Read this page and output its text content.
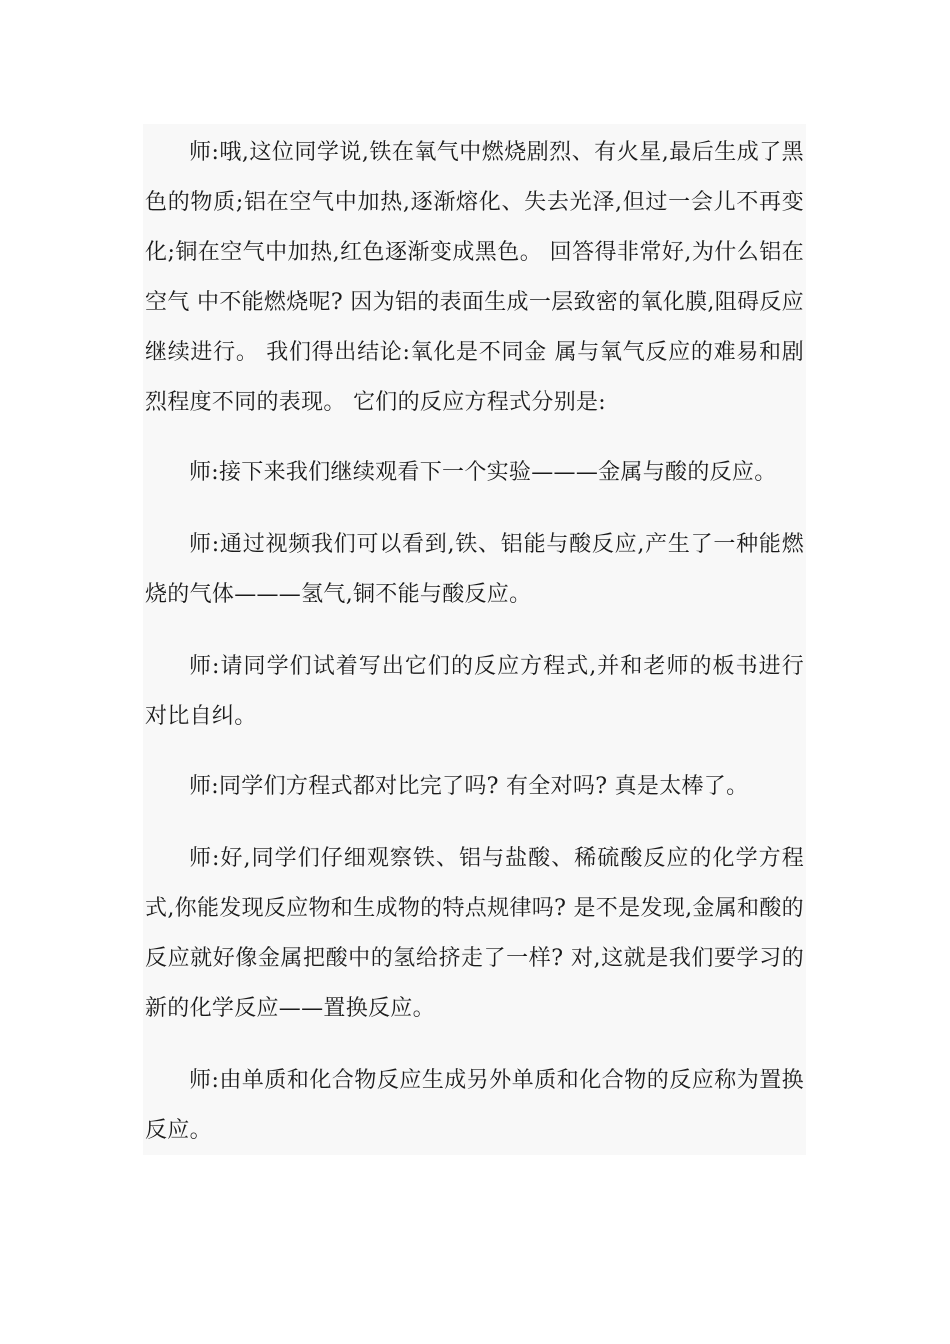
师:哦,这位同学说,铁在氧气中燃烧剧烈、有火星,最后生成了黑色的物质;铝在空气中加热,逐渐熔化、失去光泽,但过一会儿不再变化;铜在空气中加热,红色逐渐变成黑色。 回答得非常好,为什么铝在空气 中不能燃烧呢? 因为铝的表面生成一层致密的氧化膜,阻碍反应继续进行。 我们得出结论:氧化是不同金 属与氧气反应的难易和剧烈程度不同的表现。 它们的反应方程式分别是:

师:接下来我们继续观看下一个实验———金属与酸的反应。

师:通过视频我们可以看到,铁、铝能与酸反应,产生了一种能燃烧的气体———氢气,铜不能与酸反应。

师:请同学们试着写出它们的反应方程式,并和老师的板书进行对比自纠。

师:同学们方程式都对比完了吗? 有全对吗? 真是太棒了。

师:好,同学们仔细观察铁、铝与盐酸、稀硫酸反应的化学方程式,你能发现反应物和生成物的特点规律吗? 是不是发现,金属和酸的反应就好像金属把酸中的氢给挤走了一样? 对,这就是我们要学习的新的化学反应——置换反应。

师:由单质和化合物反应生成另外单质和化合物的反应称为置换反应。
